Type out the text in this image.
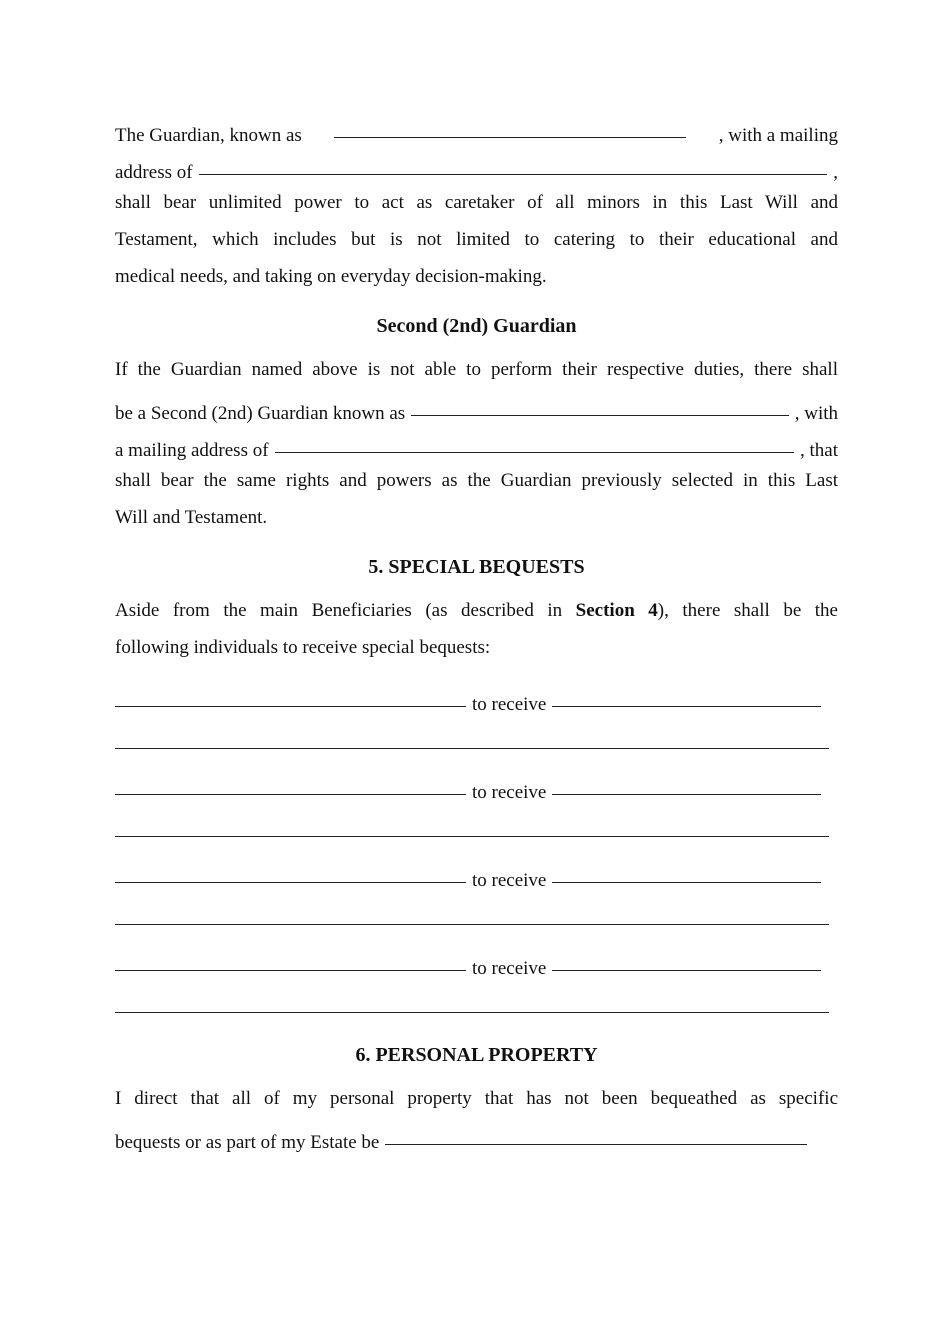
The Guardian, known as	, with a mailing
address of	,

shall bear unlimited power to act as caretaker of all minors in this Last Will and

Testament, which includes but is not limited to catering to their educational and

medical needs, and taking on everyday decision-making.

Second (2nd) Guardian

If the Guardian named above is not able to perform their respective duties, there shall

be a Second (2nd) Guardian known as	, with
a mailing address of	, that

shall bear the same rights and powers as the Guardian previously selected in this Last

Will and Testament.

5. SPECIAL BEQUESTS

Aside from the main Beneficiaries (as described in Section 4), there shall be the

following individuals to receive special bequests:

to receive
to receive
to receive
to receive

6. PERSONAL PROPERTY

I direct that all of my personal property that has not been bequeathed as specific

bequests or as part of my Estate be
